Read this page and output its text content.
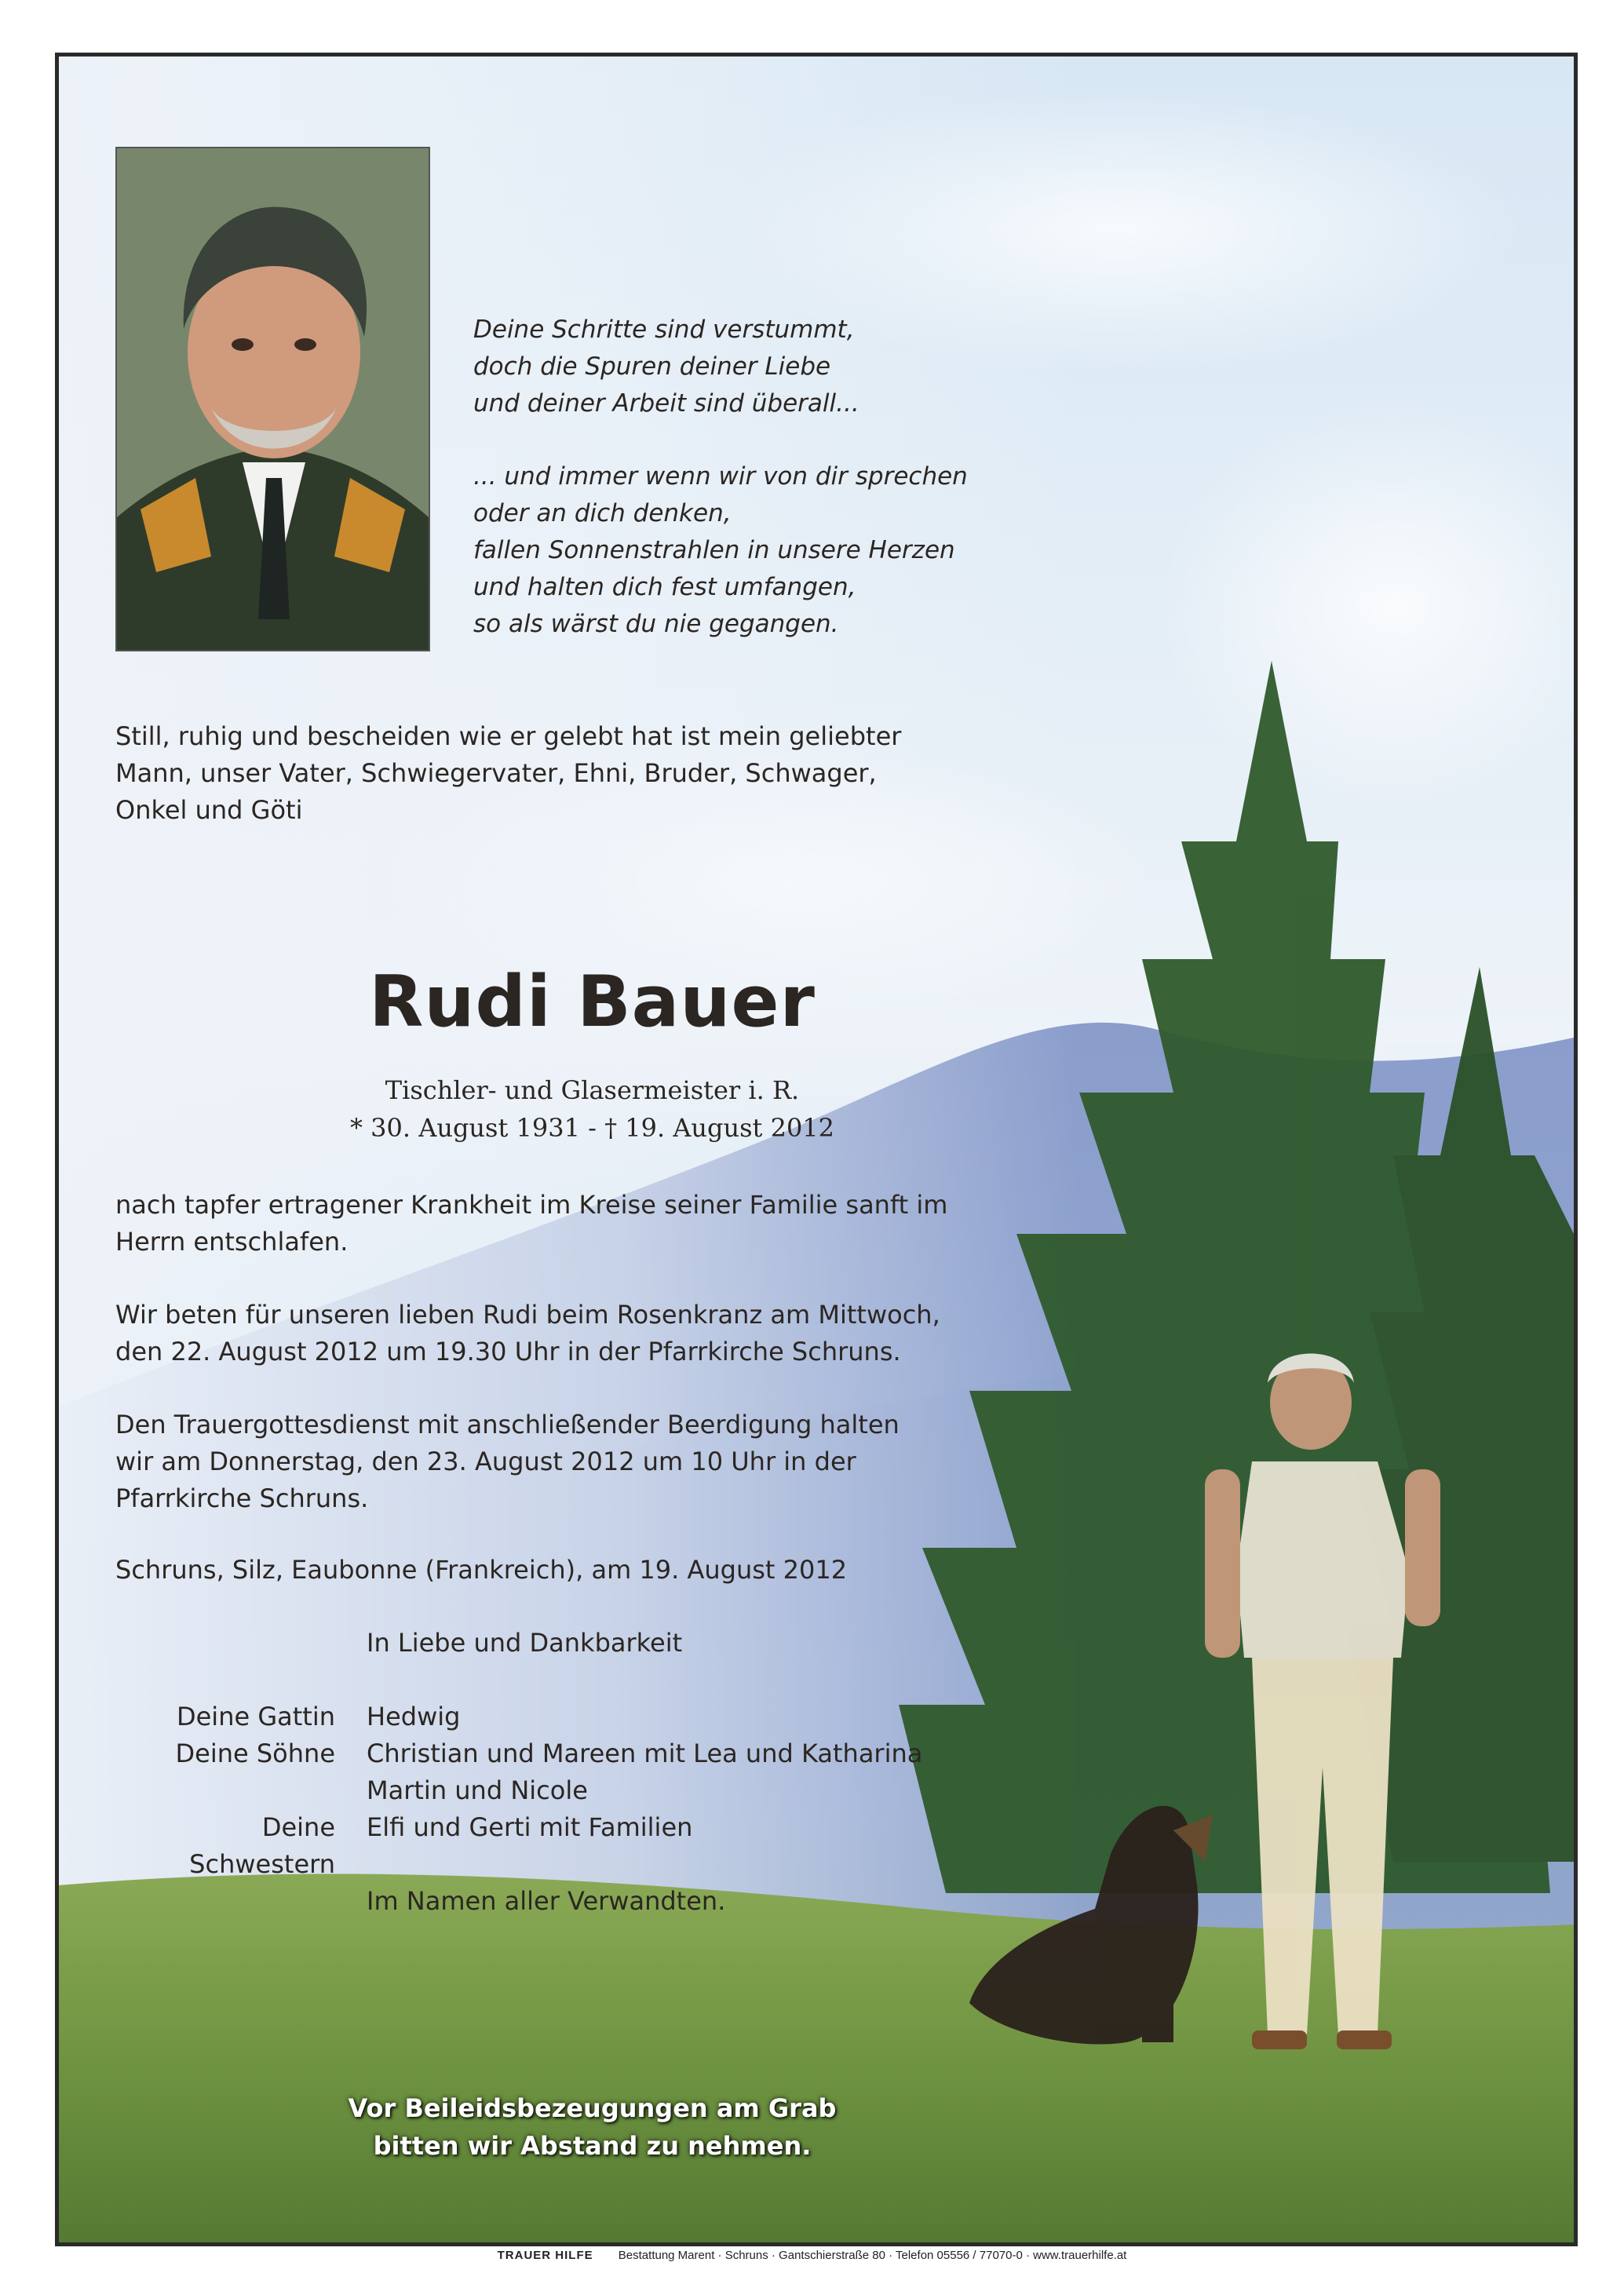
Deine Schritte sind verstummt,
doch die Spuren deiner Liebe
und deiner Arbeit sind überall...

... und immer wenn wir von dir sprechen
oder an dich denken,
fallen Sonnenstrahlen in unsere Herzen
und halten dich fest umfangen,
so als wärst du nie gegangen.

Still, ruhig und bescheiden wie er gelebt hat ist mein geliebter
Mann, unser Vater, Schwiegervater, Ehni, Bruder, Schwager,
Onkel und Göti
Rudi Bauer
Tischler- und Glasermeister i. R.
* 30. August 1931 - † 19. August 2012
nach tapfer ertragener Krankheit im Kreise seiner Familie sanft im
Herrn entschlafen.
Wir beten für unseren lieben Rudi beim Rosenkranz am Mittwoch,
den 22. August 2012 um 19.30 Uhr in der Pfarrkirche Schruns.
Den Trauergottesdienst mit anschließender Beerdigung halten
wir am Donnerstag, den 23. August 2012 um 10 Uhr in der
Pfarrkirche Schruns.
Schruns, Silz, Eaubonne (Frankreich), am 19. August 2012
In Liebe und Dankbarkeit
Deine Gattin	Hedwig
Deine Söhne	Christian und Mareen mit Lea und Katharina
Martin und Nicole
Deine Schwestern
Elfi und Gerti mit Familien
Im Namen aller Verwandten.
Vor Beileidsbezeugungen am Grab
bitten wir Abstand zu nehmen.
TRAUER HILFE Bestattung Marent · Schruns · Gantschierstraße 80 · Telefon 05556 / 77070-0 · www.trauerhilfe.at
